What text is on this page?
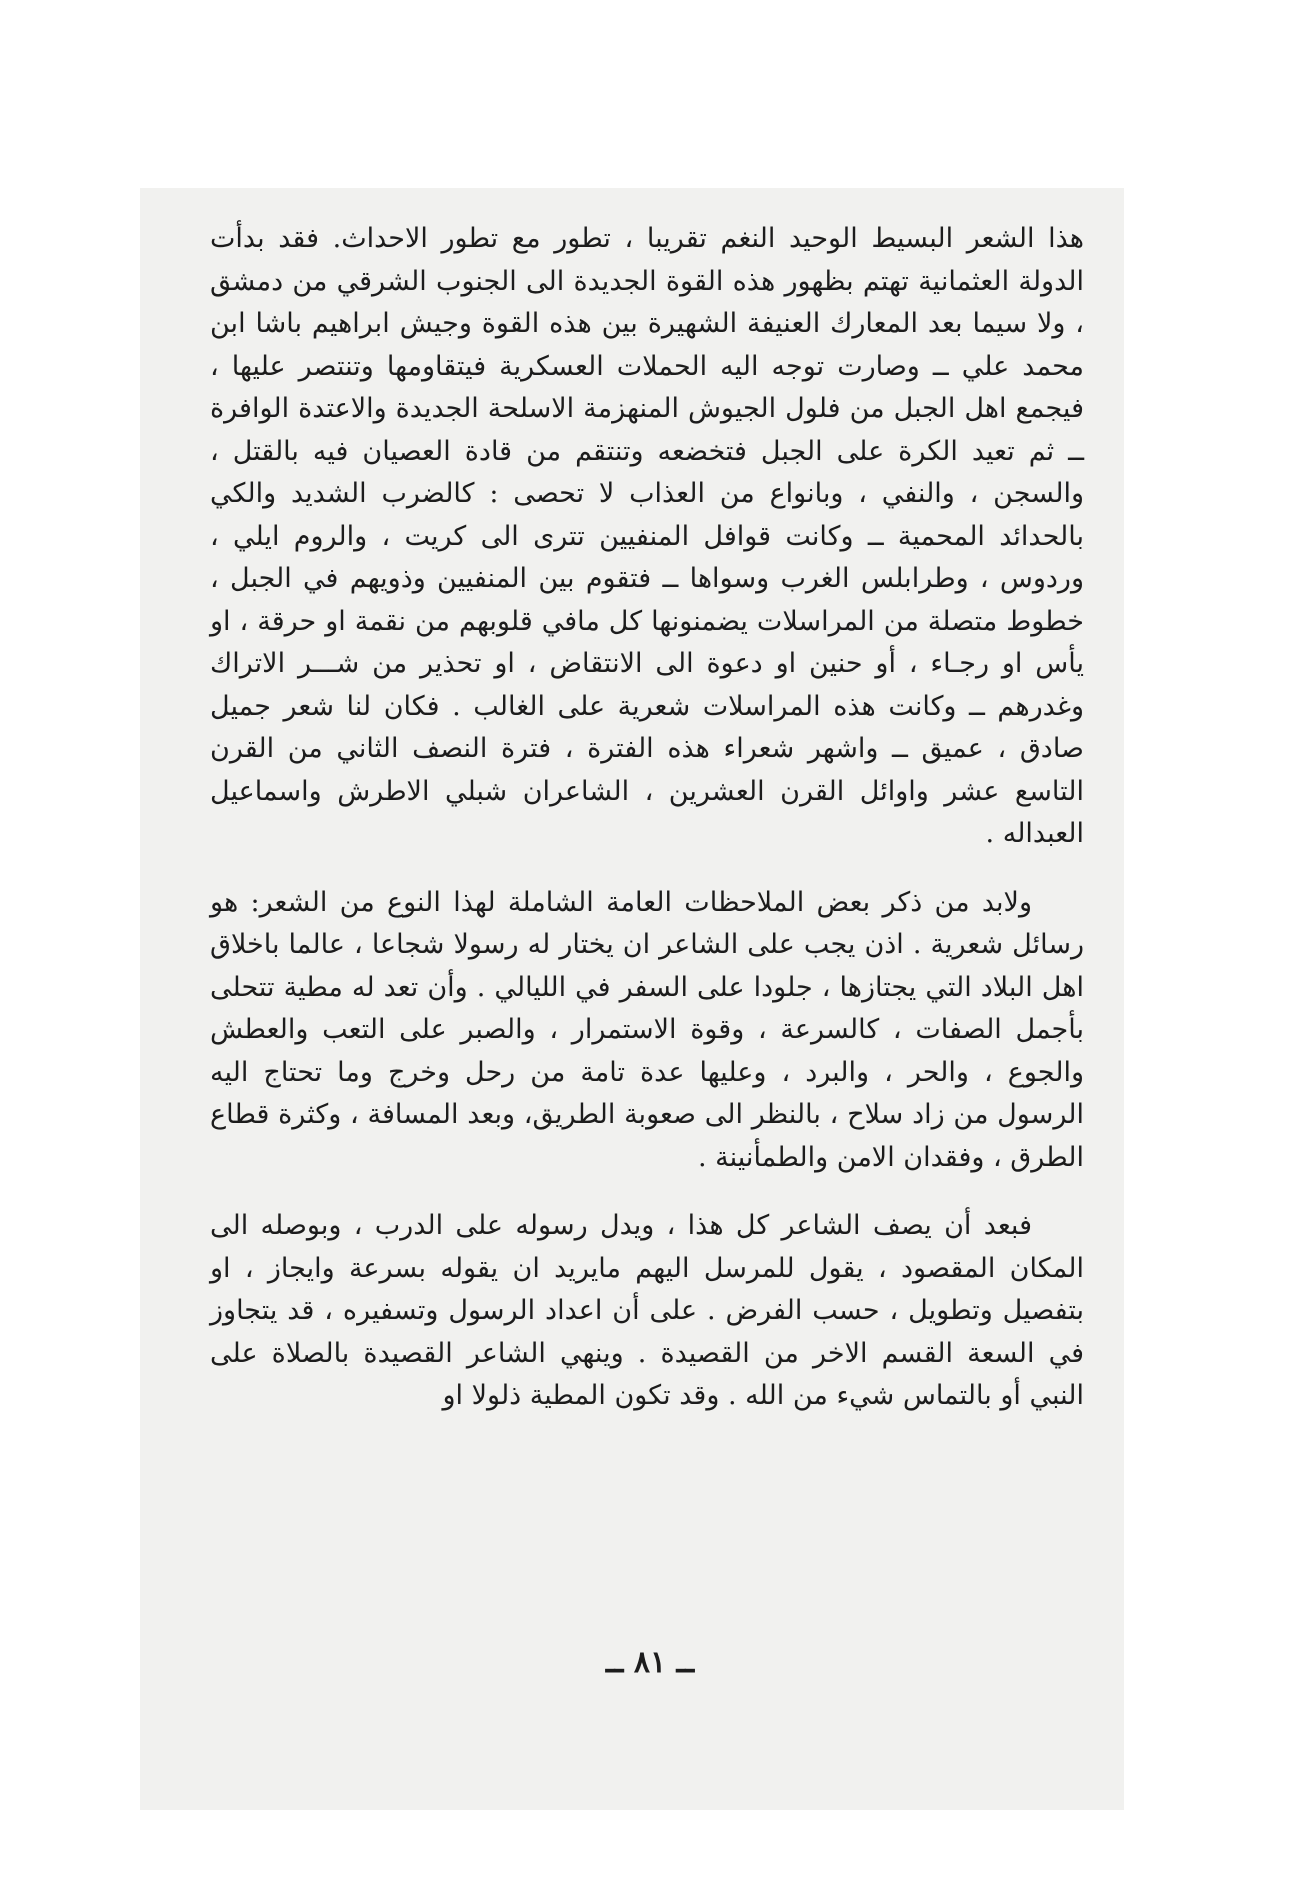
هذا الشعر البسيط الوحيد النغم تقريبا ، تطور مع تطور الاحداث. فقد بدأت الدولة العثمانية تهتم بظهور هذه القوة الجديدة الى الجنوب الشرقي من دمشق ، ولا سيما بعد المعارك العنيفة الشهيرة بين هذه القوة وجيش ابراهيم باشا ابن محمد علي ــ وصارت توجه اليه الحملات العسكرية فيتقاومها وتنتصر عليها ، فيجمع اهل الجبل من فلول الجيوش المنهزمة الاسلحة الجديدة والاعتدة الوافرة ــ ثم تعيد الكرة على الجبل فتخضعه وتنتقم من قادة العصيان فيه بالقتل ، والسجن ، والنفي ، وبانواع من العذاب لا تحصى : كالضرب الشديد والكي بالحدائد المحمية ــ وكانت قوافل المنفيين تترى الى كريت ، والروم ايلي ، وردوس ، وطرابلس الغرب وسواها ــ فتقوم بين المنفيين وذويهم في الجبل ، خطوط متصلة من المراسلات يضمنونها كل مافي قلوبهم من نقمة او حرقة ، او يأس او رجـاء ، أو حنين او دعوة الى الانتقاض ، او تحذير من شـــر الاتراك وغدرهم ــ وكانت هذه المراسلات شعرية على الغالب . فكان لنا شعر جميل صادق ، عميق ــ واشهر شعراء هذه الفترة ، فترة النصف الثاني من القرن التاسع عشر واوائل القرن العشرين ، الشاعران شبلي الاطرش واسماعيل العبداله .

ولابد من ذكر بعض الملاحظات العامة الشاملة لهذا النوع من الشعر: هو رسائل شعرية . اذن يجب على الشاعر ان يختار له رسولا شجاعا ، عالما باخلاق اهل البلاد التي يجتازها ، جلودا على السفر في الليالي . وأن تعد له مطية تتحلى بأجمل الصفات ، كالسرعة ، وقوة الاستمرار ، والصبر على التعب والعطش والجوع ، والحر ، والبرد ، وعليها عدة تامة من رحل وخرج وما تحتاج اليه الرسول من زاد سلاح ، بالنظر الى صعوبة الطريق، وبعد المسافة ، وكثرة قطاع الطرق ، وفقدان الامن والطمأنينة .

فبعد أن يصف الشاعر كل هذا ، ويدل رسوله على الدرب ، وبوصله الى المكان المقصود ، يقول للمرسل اليهم مايريد ان يقوله بسرعة وايجاز ، او بتفصيل وتطويل ، حسب الفرض . على أن اعداد الرسول وتسفيره ، قد يتجاوز في السعة القسم الاخر من القصيدة . وينهي الشاعر القصيدة بالصلاة على النبي أو بالتماس شيء من الله . وقد تكون المطية ذلولا او

ــ ٨١ ــ
